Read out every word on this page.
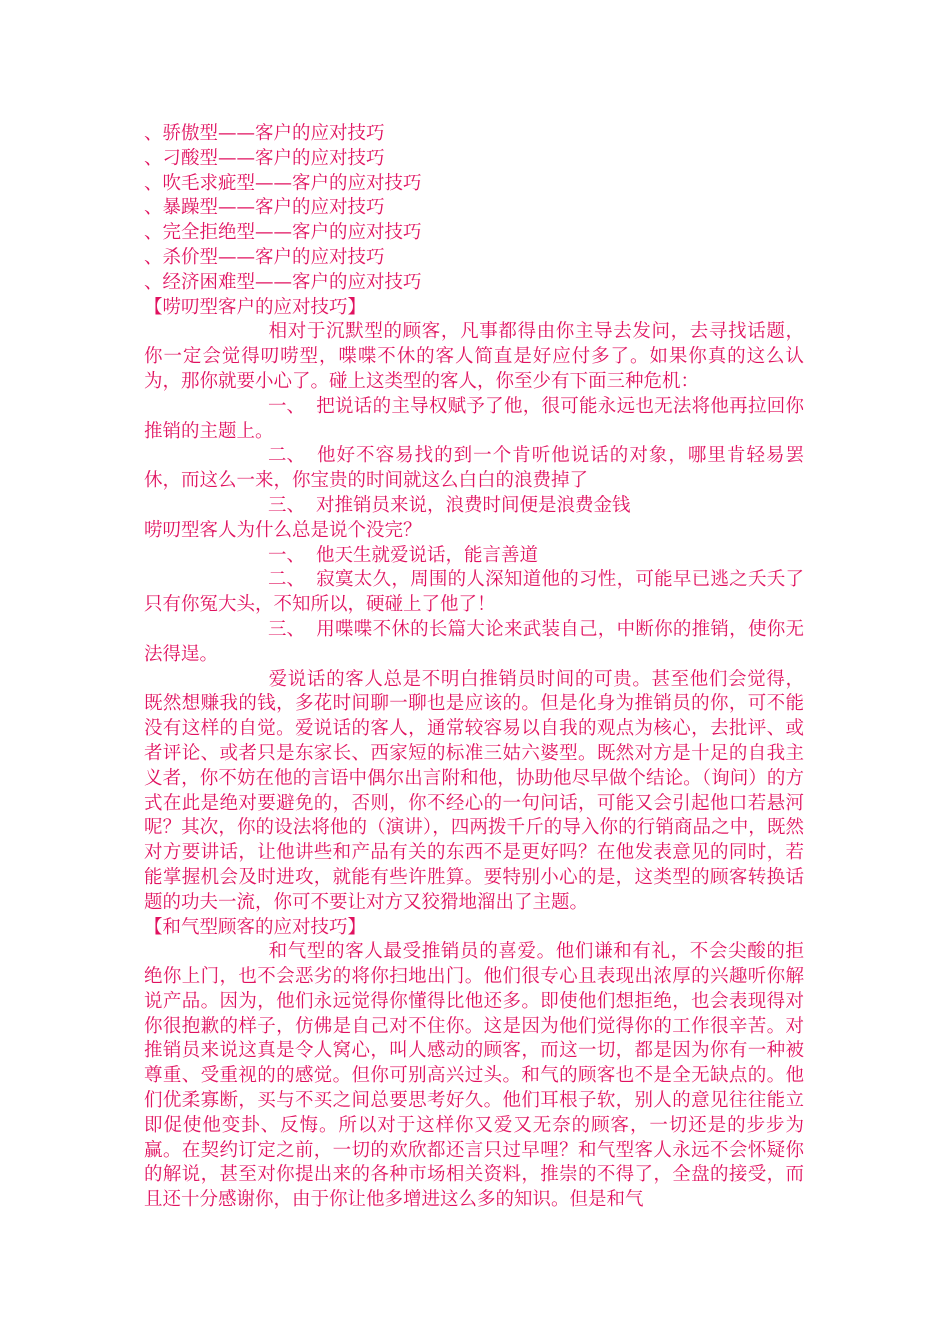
、骄傲型——客户的应对技巧
、刁酸型——客户的应对技巧
、吹毛求疵型——客户的应对技巧
、暴躁型——客户的应对技巧
、完全拒绝型——客户的应对技巧
、杀价型——客户的应对技巧
、经济困难型——客户的应对技巧
【唠叨型客户的应对技巧】
相对于沉默型的顾客，凡事都得由你主导去发问，去寻找话题，你一定会觉得叨唠型，喋喋不休的客人简直是好应付多了。如果你真的这么认为，那你就要小心了。碰上这类型的客人，你至少有下面三种危机：
一、 把说话的主导权赋予了他，很可能永远也无法将他再拉回你推销的主题上。
二、 他好不容易找的到一个肯听他说话的对象，哪里肯轻易罢休，而这么一来，你宝贵的时间就这么白白的浪费掉了
三、 对推销员来说，浪费时间便是浪费金钱
唠叨型客人为什么总是说个没完？
一、 他天生就爱说话，能言善道
二、 寂寞太久，周围的人深知道他的习性，可能早已逃之夭夭了只有你冤大头，不知所以，硬碰上了他了！
三、 用喋喋不休的长篇大论来武装自己，中断你的推销，使你无法得逞。
爱说话的客人总是不明白推销员时间的可贵。甚至他们会觉得，既然想赚我的钱，多花时间聊一聊也是应该的。但是化身为推销员的你，可不能没有这样的自觉。爱说话的客人，通常较容易以自我的观点为核心，去批评、或者评论、或者只是东家长、西家短的标准三姑六婆型。既然对方是十足的自我主义者，你不妨在他的言语中偶尔出言附和他，协助他尽早做个结论。（询问）的方式在此是绝对要避免的，否则，你不经心的一句问话，可能又会引起他口若悬河呢？其次，你的设法将他的（演讲），四两拨千斤的导入你的行销商品之中，既然对方要讲话，让他讲些和产品有关的东西不是更好吗？在他发表意见的同时，若能掌握机会及时进攻，就能有些许胜算。要特别小心的是，这类型的顾客转换话题的功夫一流，你可不要让对方又狡猾地溜出了主题。
【和气型顾客的应对技巧】
和气型的客人最受推销员的喜爱。他们谦和有礼，不会尖酸的拒绝你上门，也不会恶劣的将你扫地出门。他们很专心且表现出浓厚的兴趣听你解说产品。因为，他们永远觉得你懂得比他还多。即使他们想拒绝，也会表现得对你很抱歉的样子，仿佛是自己对不住你。这是因为他们觉得你的工作很辛苦。对推销员来说这真是令人窝心，叫人感动的顾客，而这一切，都是因为你有一种被尊重、受重视的的感觉。但你可别高兴过头。和气的顾客也不是全无缺点的。他们优柔寡断，买与不买之间总要思考好久。他们耳根子软，别人的意见往往能立即促使他变卦、反悔。所以对于这样你又爱又无奈的顾客，一切还是的步步为赢。在契约订定之前，一切的欢欣都还言只过早哩？和气型客人永远不会怀疑你的解说，甚至对你提出来的各种市场相关资料，推崇的不得了，全盘的接受，而且还十分感谢你，由于你让他多增进这么多的知识。但是和气
